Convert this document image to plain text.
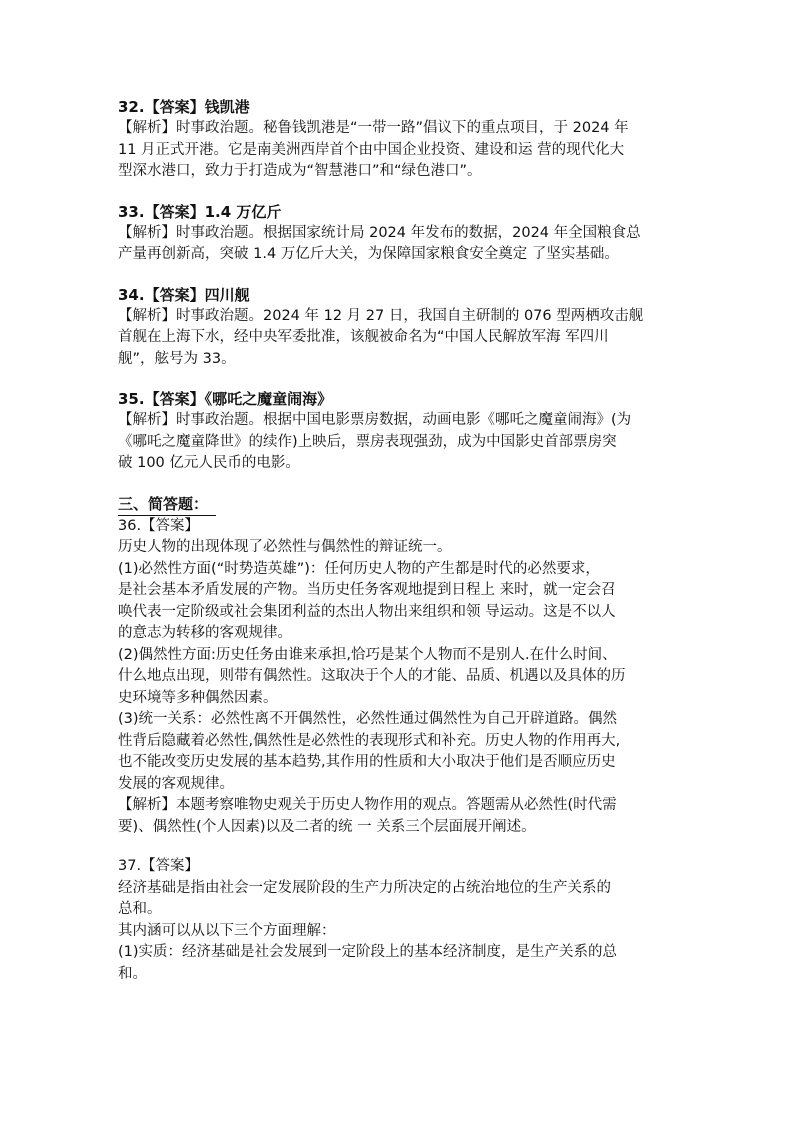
32.【答案】钱凯港
【解析】时事政治题。秘鲁钱凯港是“一带一路”倡议下的重点项目，于 2024 年
11 月正式开港。它是南美洲西岸首个由中国企业投资、建设和运 营的现代化大
型深水港口，致力于打造成为“智慧港口”和“绿色港口”。
33.【答案】1.4 万亿斤
【解析】时事政治题。根据国家统计局 2024 年发布的数据，2024 年全国粮食总
产量再创新高，突破 1.4 万亿斤大关，为保障国家粮食安全奠定 了坚实基础。
34.【答案】四川舰
【解析】时事政治题。2024 年 12 月 27 日，我国自主研制的 076 型两栖攻击舰
首舰在上海下水，经中央军委批准，该舰被命名为“中国人民解放军海 军四川
舰”，舷号为 33。
35.【答案】《哪吒之魔童闹海》
【解析】时事政治题。根据中国电影票房数据，动画电影《哪吒之魔童闹海》(为
《哪吒之魔童降世》的续作)上映后，票房表现强劲，成为中国影史首部票房突
破 100 亿元人民币的电影。
三、简答题：
36.【答案】
历史人物的出现体现了必然性与偶然性的辩证统一。
(1)必然性方面(“时势造英雄”)：任何历史人物的产生都是时代的必然要求，
是社会基本矛盾发展的产物。当历史任务客观地提到日程上 来时，就一定会召
唤代表一定阶级或社会集团利益的杰出人物出来组织和领 导运动。这是不以人
的意志为转移的客观规律。
(2)偶然性方面:历史任务由谁来承担,恰巧是某个人物而不是别人.在什么时间、
什么地点出现，则带有偶然性。这取决于个人的才能、品质、机遇以及具体的历
史环境等多种偶然因素。
(3)统一关系：必然性离不开偶然性，必然性通过偶然性为自己开辟道路。偶然
性背后隐藏着必然性,偶然性是必然性的表现形式和补充。历史人物的作用再大,
也不能改变历史发展的基本趋势,其作用的性质和大小取决于他们是否顺应历史
发展的客观规律。
【解析】本题考察唯物史观关于历史人物作用的观点。答题需从必然性(时代需
要)、偶然性(个人因素)以及二者的统 一 关系三个层面展开阐述。
37.【答案】
经济基础是指由社会一定发展阶段的生产力所决定的占统治地位的生产关系的
总和。
其内涵可以从以下三个方面理解：
(1)实质：经济基础是社会发展到一定阶段上的基本经济制度，是生产关系的总
和。
